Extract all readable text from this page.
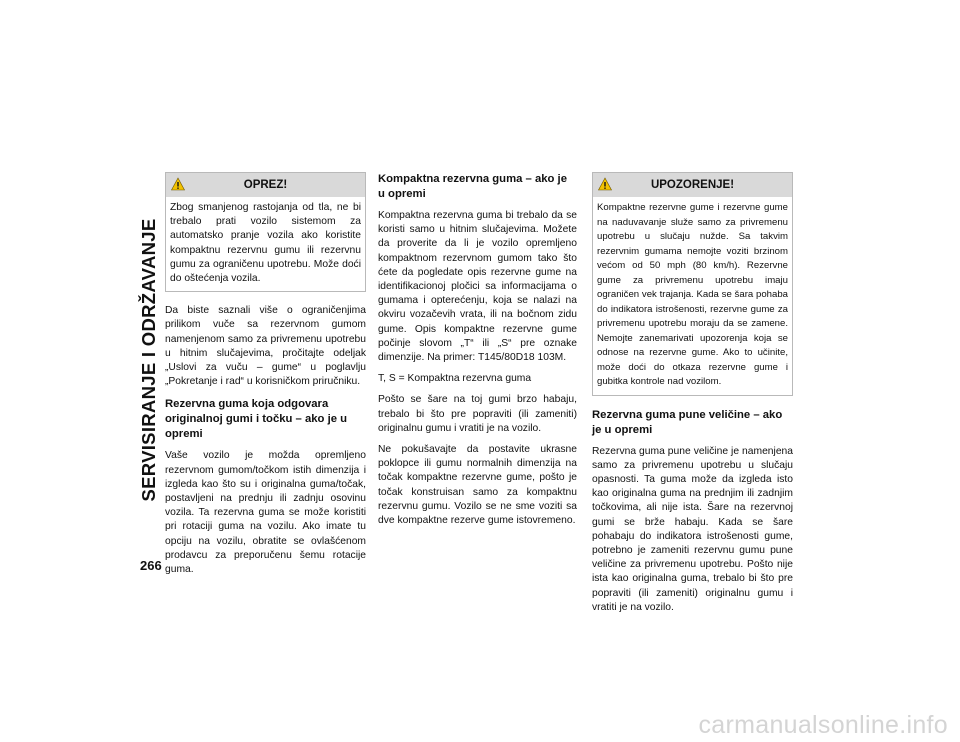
SERVISIRANJE I ODRŽAVANJE
266
OPREZ!
Zbog smanjenog rastojanja od tla, ne bi trebalo prati vozilo sistemom za automatsko pranje vozila ako koristite kompaktnu rezervnu gumu ili rezervnu gumu za ograničenu upotrebu. Može doći do oštećenja vozila.

Da biste saznali više o ograničenjima prilikom vuče sa rezervnom gumom namenjenom samo za privremenu upotrebu u hitnim slučajevima, pročitajte odeljak „Uslovi za vuču – gume“ u poglavlju „Pokretanje i rad“ u korisničkom priručniku.

Rezervna guma koja odgovara originalnoj gumi i točku – ako je u opremi

Vaše vozilo je možda opremljeno rezervnom gumom/točkom istih dimenzija i izgleda kao što su i originalna guma/točak, postavljeni na prednju ili zadnju osovinu vozila. Ta rezervna guma se može koristiti pri rotaciji guma na vozilu. Ako imate tu opciju na vozilu, obratite se ovlašćenom prodavcu za preporučenu šemu rotacije guma.

Kompaktna rezervna guma – ako je u opremi

Kompaktna rezervna guma bi trebalo da se koristi samo u hitnim slučajevima. Možete da proverite da li je vozilo opremljeno kompaktnom rezervnom gumom tako što ćete da pogledate opis rezervne gume na identifikacionoj pločici sa informacijama o gumama i opterećenju, koja se nalazi na okviru vozačevih vrata, ili na bočnom zidu gume. Opis kompaktne rezervne gume počinje slovom „T“ ili „S“ pre oznake dimenzije. Na primer: T145/80D18 103M.

T, S = Kompaktna rezervna guma

Pošto se šare na toj gumi brzo habaju, trebalo bi što pre popraviti (ili zameniti) originalnu gumu i vratiti je na vozilo.

Ne pokušavajte da postavite ukrasne poklopce ili gumu normalnih dimenzija na točak kompaktne rezervne gume, pošto je točak konstruisan samo za kompaktnu rezervnu gumu. Vozilo se ne sme voziti sa dve kompaktne rezerve gume istovremeno.

UPOZORENJE!
Kompaktne rezervne gume i rezervne gume na naduvavanje služe samo za privremenu upotrebu u slučaju nužde. Sa takvim rezervnim gumama nemojte voziti brzinom većom od 50 mph (80 km/h). Rezervne gume za privremenu upotrebu imaju ograničen vek trajanja. Kada se šara pohaba do indikatora istrošenosti, rezervne gume za privremenu upotrebu moraju da se zamene. Nemojte zanemarivati upozorenja koja se odnose na rezervne gume. Ako to učinite, može doći do otkaza rezervne gume i gubitka kontrole nad vozilom.
Rezervna guma pune veličine – ako je u opremi

Rezervna guma pune veličine je namenjena samo za privremenu upotrebu u slučaju opasnosti. Ta guma može da izgleda isto kao originalna guma na prednjim ili zadnjim točkovima, ali nije ista. Šare na rezervnoj gumi se brže habaju. Kada se šare pohabaju do indikatora istrošenosti gume, potrebno je zameniti rezervnu gumu pune veličine za privremenu upotrebu. Pošto nije ista kao originalna guma, trebalo bi što pre popraviti (ili zameniti) originalnu gumu i vratiti je na vozilo.

carmanualsonline.info
